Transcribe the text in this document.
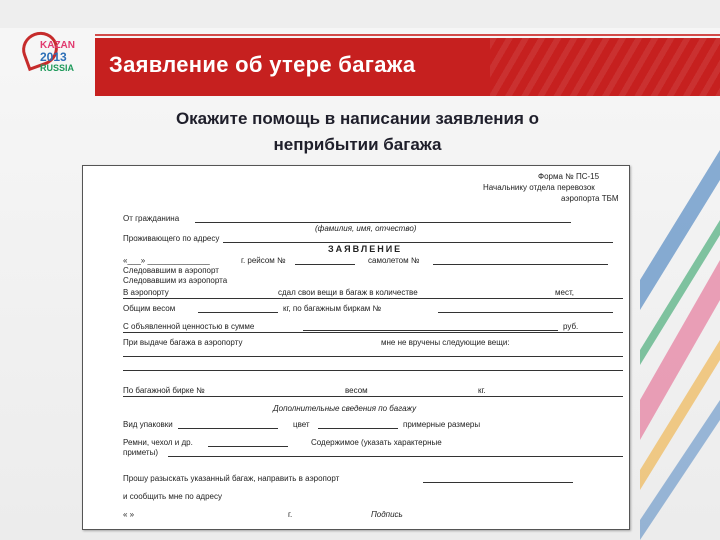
KAZAN
2013
RUSSIA Заявление об утере багажа
Окажите помощь в написании заявления о
неприбытии багажа
Форма № ПС-15
Начальнику отдела перевозок
аэропорта ТБМ
От гражданина
(фамилия, имя, отчество)
Проживающего по адресу
ЗАЯВЛЕНИЕ
«___» ______________	г. рейсом №	самолетом №
Следовавшим в аэропорт
Следовавшим из аэропорта
В аэропорту	сдал свои вещи в багаж в количестве	мест,
Общим весом	кг, по багажным биркам №
С объявленной ценностью в сумме	руб.
При выдаче багажа в аэропорту	мне не вручены следующие вещи:
По багажной бирке №	весом	кг.
Дополнительные сведения по багажу
Вид упаковки	цвет	примерные размеры
Ремни, чехол и др.	Содержимое (указать характерные
приметы)
Прошу разыскать указанный багаж, направить в аэропорт
и сообщить мне по адресу
« »	г.	Подпись
